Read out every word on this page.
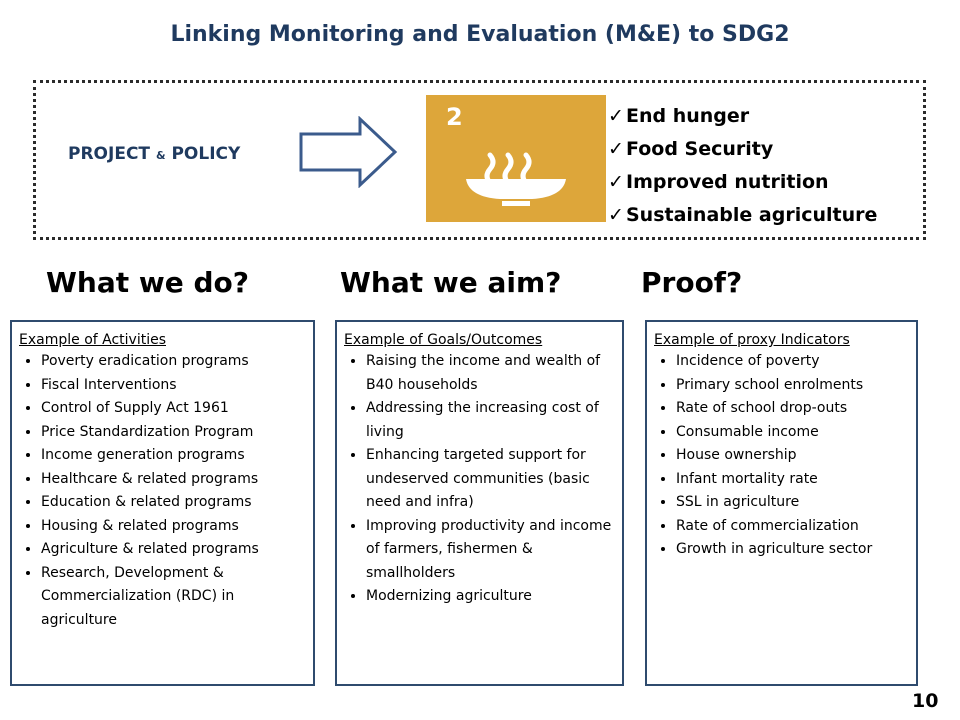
Linking Monitoring and Evaluation (M&E) to SDG2
PROJECT & POLICY
2	✓ End hunger
✓ Food Security
✓ Improved nutrition
✓ Sustainable agriculture
What we do?	What we aim?	Proof?
Example of Activities
• Poverty eradication programs
• Fiscal Interventions
• Control of Supply Act 1961
• Price Standardization Program
• Income generation programs
• Healthcare & related programs
• Education & related programs
• Housing & related programs
• Agriculture & related programs
• Research, Development & Commercialization (RDC) in agriculture
Example of Goals/Outcomes
• Raising the income and wealth of B40 households
• Addressing the increasing cost of living
• Enhancing targeted support for undeserved communities (basic need and infra)
• Improving productivity and income of farmers, fishermen & smallholders
• Modernizing agriculture
Example of proxy Indicators
• Incidence of poverty
• Primary school enrolments
• Rate of school drop-outs
• Consumable income
• House ownership
• Infant mortality rate
• SSL in agriculture
• Rate of commercialization
• Growth in agriculture sector
10
